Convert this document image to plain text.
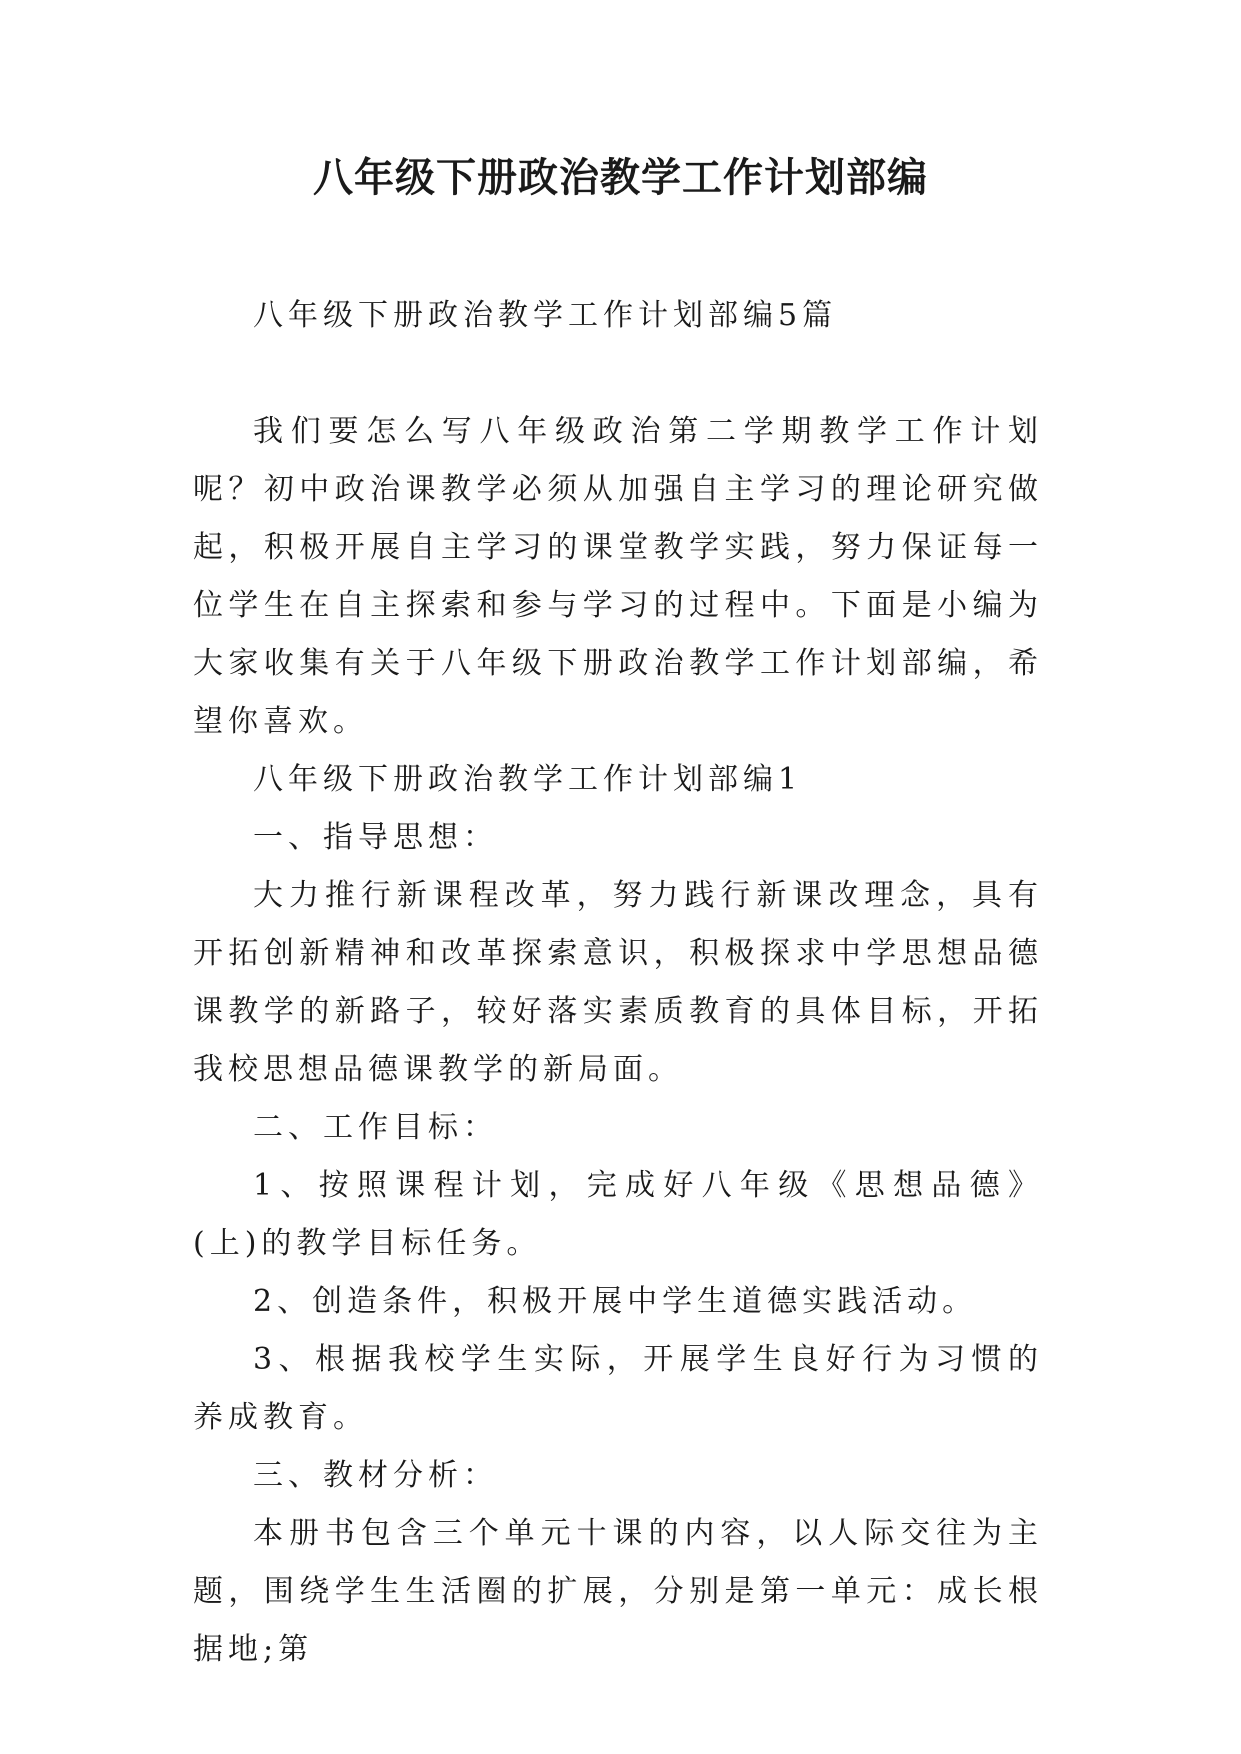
八年级下册政治教学工作计划部编

八年级下册政治教学工作计划部编5篇

我们要怎么写八年级政治第二学期教学工作计划呢？初中政治课教学必须从加强自主学习的理论研究做起，积极开展自主学习的课堂教学实践，努力保证每一位学生在自主探索和参与学习的过程中。下面是小编为大家收集有关于八年级下册政治教学工作计划部编，希望你喜欢。

八年级下册政治教学工作计划部编1

一、指导思想：

大力推行新课程改革，努力践行新课改理念，具有开拓创新精神和改革探索意识，积极探求中学思想品德课教学的新路子，较好落实素质教育的具体目标，开拓我校思想品德课教学的新局面。

二、工作目标：

1、按照课程计划，完成好八年级《思想品德》(上)的教学目标任务。

2、创造条件，积极开展中学生道德实践活动。

3、根据我校学生实际，开展学生良好行为习惯的养成教育。

三、教材分析：

本册书包含三个单元十课的内容，以人际交往为主题，围绕学生生活圈的扩展，分别是第一单元：成长根据地;第
